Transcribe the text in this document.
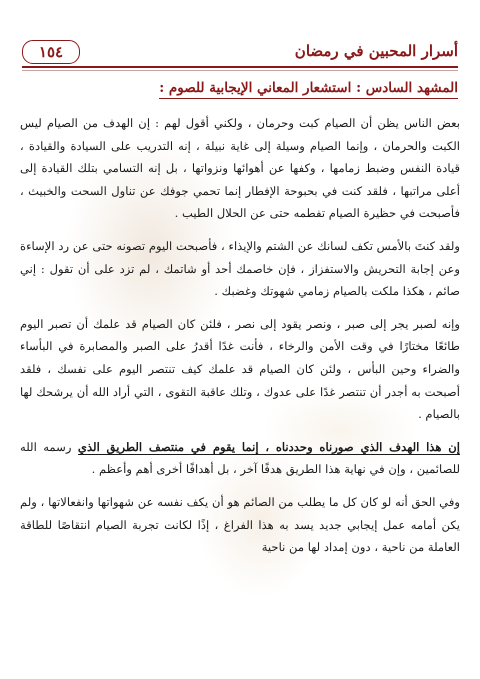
١٥٤	أسرار المحبين في رمضان
المشهد السادس : استشعار المعاني الإيجابية للصوم :

بعض الناس يظن أن الصيام كبت وحرمان ، ولكني أقول لهم : إن الهدف من الصيام ليس الكبت والحرمان ، وإنما الصيام وسيلة إلى غاية نبيلة ، إنه التدريب على السيادة والقيادة ، قيادة النفس وضبط زمامها ، وكفها عن أهوائها ونزواتها ، بل إنه التسامي بتلك القيادة إلى أعلى مراتبها ، فلقد كنت في بحبوحة الإفطار إنما تحمي جوفك عن تناول السحت والخبيث ، فأصبحت في حظيرة الصيام تفطمه حتى عن الحلال الطيب .

ولقد كنتَ بالأمس تكف لسانك عن الشتم والإيذاء ، فأصبحت اليوم تصونه حتى عن رد الإساءة وعن إجابة التحريش والاستفزاز ، فإن خاصمك أحد أو شاتمك ، لم تزد على أن تقول : إني صائم ، هكذا ملكت بالصيام زمامي شهوتك وغضبك .

وإنه لصبر يجر إلى صبر ، ونصر يقود إلى نصر ، فلئن كان الصيام قد علمك أن تصبر اليوم طائعًا مختارًا في وقت الأمن والرخاء ، فأنت غدًا أقدرُ على الصبر والمصابرة في البأساء والضراء وحين البأس ، ولئن كان الصيام قد علمك كيف تنتصر اليوم على نفسك ، فلقد أصبحت به أجدر أن تنتصر غدًا على عدوك ، وتلك عاقبة التقوى ، التي أراد الله أن يرشحك لها بالصيام .

إن هذا الهدف الذي صورناه وحددناه ، إنما يقوم في منتصف الطريق الذي رسمه الله للصائمين ، وإن في نهاية هذا الطريق هدفًا آخر ، بل أهدافًا أخرى أهم وأعظم .

وفي الحق أنه لو كان كل ما يطلب من الصائم هو أن يكف نفسه عن شهواتها وانفعالاتها ، ولم يكن أمامه عمل إيجابي جديد يسد به هذا الفراغ ، إذًا لكانت تجربة الصيام انتقاصًا للطاقة العاملة من ناحية ، دون إمداد لها من ناحية
